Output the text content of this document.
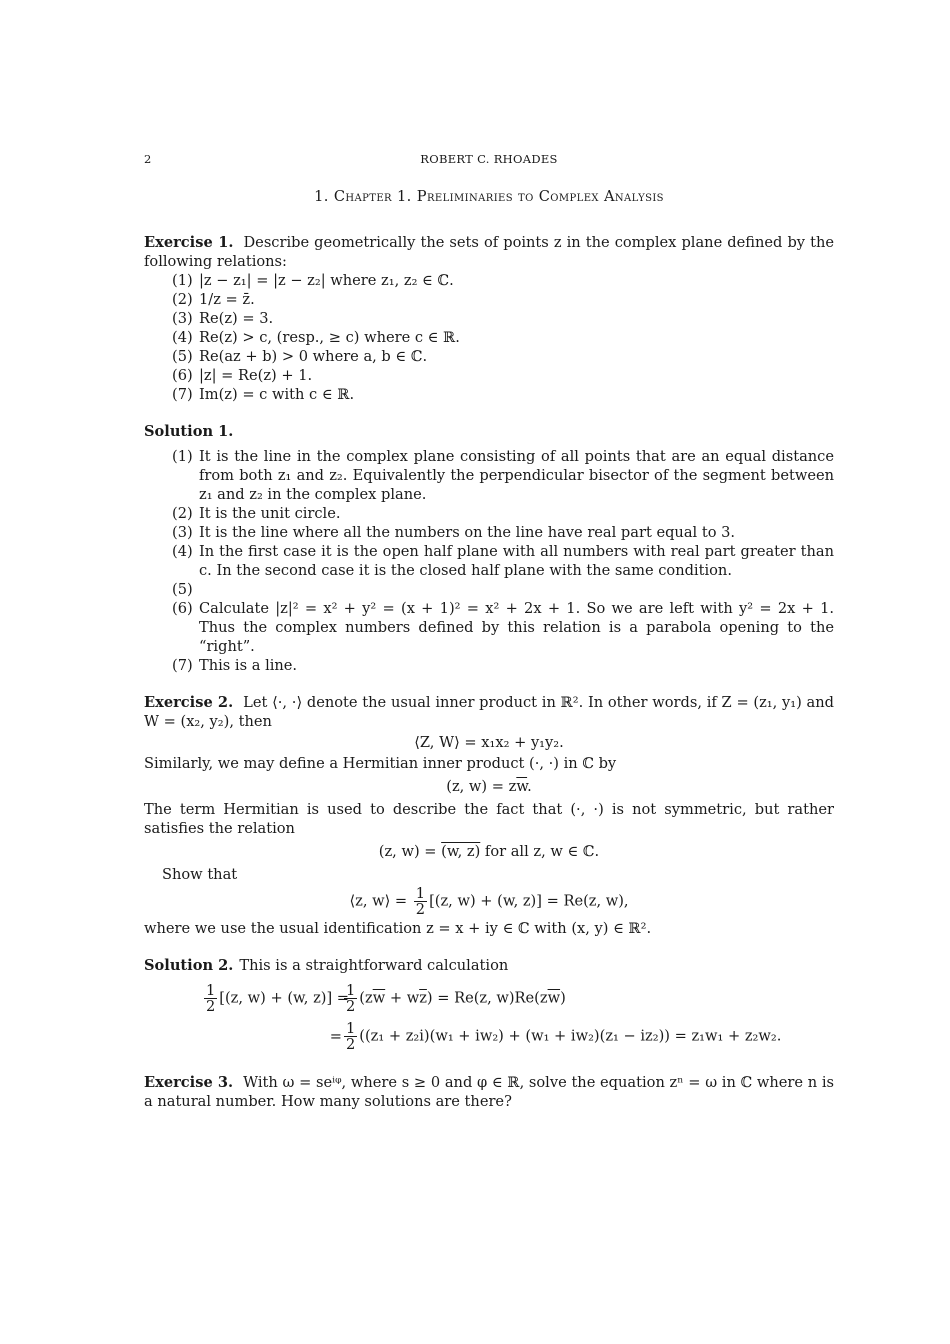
2	ROBERT C. RHOADES
1. Chapter 1. Preliminaries to Complex Analysis

Exercise 1. Describe geometrically the sets of points z in the complex plane defined by the following relations:

(1) |z − z₁| = |z − z₂| where z₁, z₂ ∈ ℂ.
(2) 1/z = z̄.
(3) Re(z) = 3.
(4) Re(z) > c, (resp., ≥ c) where c ∈ ℝ.
(5) Re(az + b) > 0 where a, b ∈ ℂ.
(6) |z| = Re(z) + 1.
(7) Im(z) = c with c ∈ ℝ.

Solution 1.

(1) It is the line in the complex plane consisting of all points that are an equal distance from both z₁ and z₂. Equivalently the perpendicular bisector of the segment between z₁ and z₂ in the complex plane.
(2) It is the unit circle.
(3) It is the line where all the numbers on the line have real part equal to 3.
(4) In the first case it is the open half plane with all numbers with real part greater than c. In the second case it is the closed half plane with the same condition.
(5)
(6) Calculate |z|² = x² + y² = (x + 1)² = x² + 2x + 1. So we are left with y² = 2x + 1. Thus the complex numbers defined by this relation is a parabola opening to the “right”.
(7) This is a line.

Exercise 2. Let ⟨·, ·⟩ denote the usual inner product in ℝ². In other words, if Z = (z₁, y₁) and W = (x₂, y₂), then

⟨Z, W⟩ = x₁x₂ + y₁y₂.

Similarly, we may define a Hermitian inner product (·, ·) in ℂ by

(z, $w) = z\overline{w}$.

The term Hermitian is used to describe the fact that (·, ·) is not symmetric, but rather satisfies the relation

(z, w) = (w, z) for all z, w ∈ ℂ.

Show that

⟨z, w⟩ = $\frac{1}{2} [(z$, w) + (w, z)] = Re(z, w),

where we use the usual identification z = x + iy ∈ ℂ with (x, y) ∈ ℝ².

Solution 2. This is a straightforward calculation

$\frac{1}{2} [(z$, w) + (w, z)] =
$\frac{1}{2} (z\overline{w} + w\overline{z}) = Re(z$, $w)Re(z\overline{w})$
= $\frac{1}{2} ((z_1 + z_2i)(w_1 + iw_2) + (w_1 + iw_2)(z_1 - iz_2)) = z_1w_1 + z_2w_2$.

Exercise 3. With ω = seⁱᵠ, where s ≥ 0 and φ ∈ ℝ, solve the equation zⁿ = ω in ℂ where n is a natural number. How many solutions are there?
